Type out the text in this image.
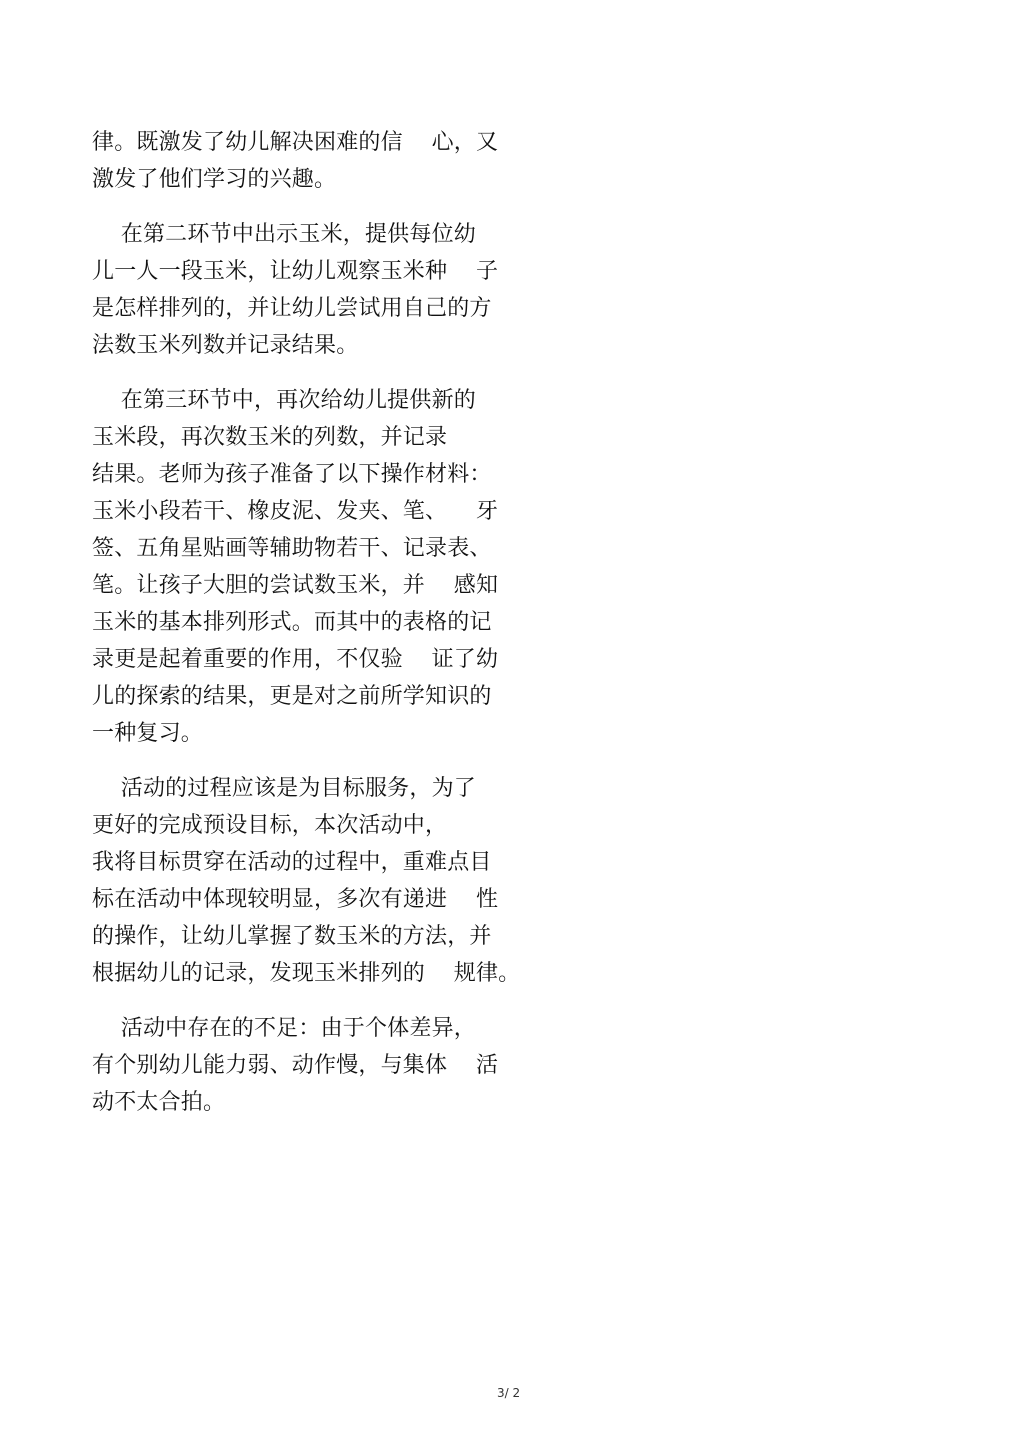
律。既激发了幼儿解决困难的信    心，又
激发了他们学习的兴趣。
在第二环节中出示玉米，提供每位幼
儿一人一段玉米，让幼儿观察玉米种    子
是怎样排列的，并让幼儿尝试用自己的方
法数玉米列数并记录结果。
在第三环节中，再次给幼儿提供新的
玉米段，再次数玉米的列数，并记录
结果。老师为孩子准备了以下操作材料：
玉米小段若干、橡皮泥、发夹、笔、    牙
签、五角星贴画等辅助物若干、记录表、
笔。让孩子大胆的尝试数玉米，并    感知
玉米的基本排列形式。而其中的表格的记
录更是起着重要的作用，不仅验    证了幼
儿的探索的结果，更是对之前所学知识的
一种复习。
活动的过程应该是为目标服务，为了
更好的完成预设目标，本次活动中，
我将目标贯穿在活动的过程中，重难点目
标在活动中体现较明显，多次有递进    性
的操作，让幼儿掌握了数玉米的方法，并
根据幼儿的记录，发现玉米排列的    规律。
活动中存在的不足：由于个体差异，
有个别幼儿能力弱、动作慢，与集体    活
动不太合拍。
3/ 2
